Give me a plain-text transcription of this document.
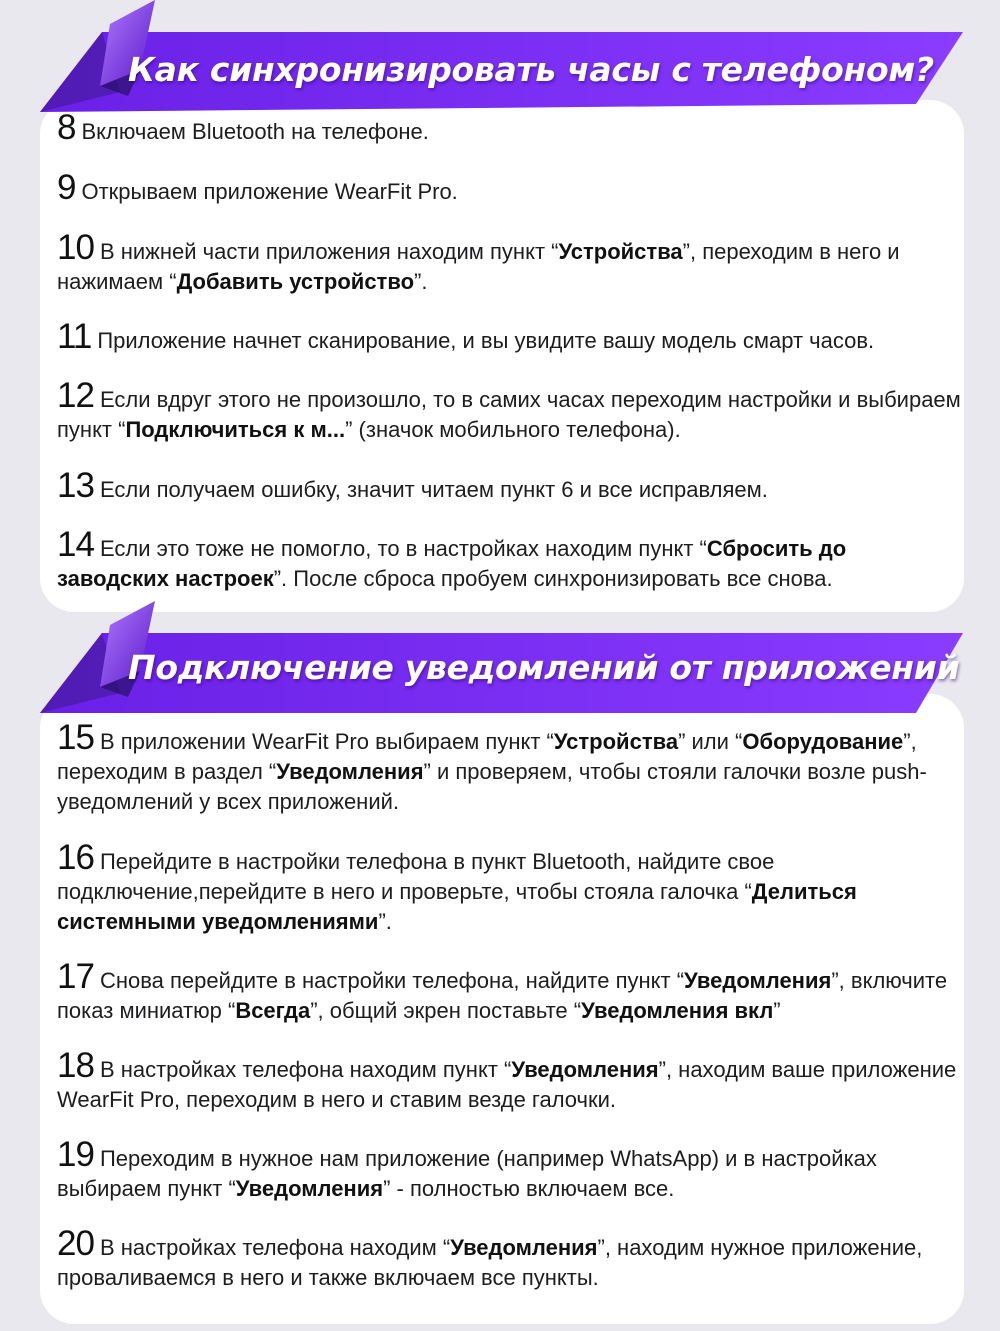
Как синхронизировать часы с телефоном?
Подключение уведомлений от приложений
8 Включаем Bluetooth на телефоне.
9 Открываем приложение WearFit Pro.
10 В нижней части приложения находим пункт “Устройства”, переходим в него и нажимаем “Добавить устройство”.
11 Приложение начнет сканирование, и вы увидите вашу модель смарт часов.
12 Если вдруг этого не произошло, то в самих часах переходим настройки и выбираем пункт “Подключиться к м...” (значок мобильного телефона).
13 Если получаем ошибку, значит читаем пункт 6 и все исправляем.
14 Если это тоже не помогло, то в настройках находим пункт “Сбросить до заводских настроек”. После сброса пробуем синхронизировать все снова.
15 В приложении WearFit Pro выбираем пункт “Устройства” или “Оборудование”, переходим в раздел “Уведомления” и проверяем, чтобы стояли галочки возле push-уведомлений у всех приложений.
16 Перейдите в настройки телефона в пункт Bluetooth, найдите свое подключение,перейдите в него и проверьте, чтобы стояла галочка “Делиться системными уведомлениями”.
17 Снова перейдите в настройки телефона, найдите пункт “Уведомления”, включите показ миниатюр “Всегда”, общий экрен поставьте “Уведомления вкл”
18 В настройках телефона находим пункт “Уведомления”, находим ваше приложение WearFit Pro, переходим в него и ставим везде галочки.
19 Переходим в нужное нам приложение (например WhatsApp) и в настройках выбираем пункт “Уведомления” - полностью включаем все.
20 В настройках телефона находим “Уведомления”, находим нужное приложение, проваливаемся в него и также включаем все пункты.
